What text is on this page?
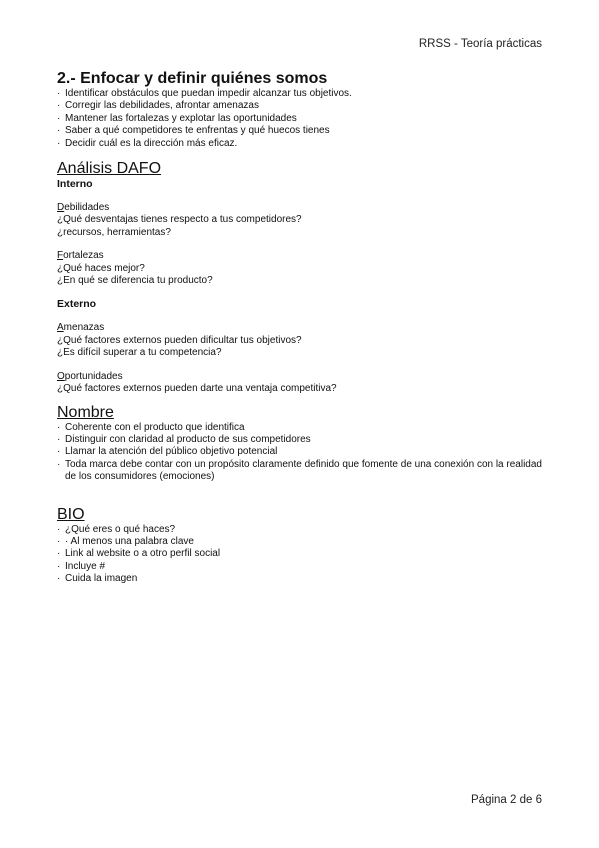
RRSS - Teoría prácticas
2.- Enfocar y definir quiénes somos
· Identificar obstáculos que puedan impedir alcanzar tus objetivos.
· Corregir las debilidades, afrontar amenazas
· Mantener las fortalezas y explotar las oportunidades
· Saber a qué competidores te enfrentas y qué huecos tienes
· Decidir cuál es la dirección más eficaz.
Análisis DAFO

Interno

Debilidades

¿Qué desventajas tienes respecto a tus competidores?

¿recursos, herramientas?

Fortalezas

¿Qué haces mejor?

¿En qué se diferencia tu producto?

Externo

Amenazas

¿Qué factores externos pueden dificultar tus objetivos?

¿Es difícil superar a tu competencia?

Oportunidades

¿Qué factores externos pueden darte una ventaja competitiva?

Nombre
· Coherente con el producto que identifica
· Distinguir con claridad al producto de sus competidores
· Llamar la atención del público objetivo potencial
· Toda marca debe contar con un propósito claramente definido que fomente de una conexión con la realidad de los consumidores (emociones)
BIO
· ¿Qué eres o qué haces?
· · Al menos una palabra clave
· Link al website o a otro perfil social
· Incluye #
· Cuida la imagen
Página 2 de 6
